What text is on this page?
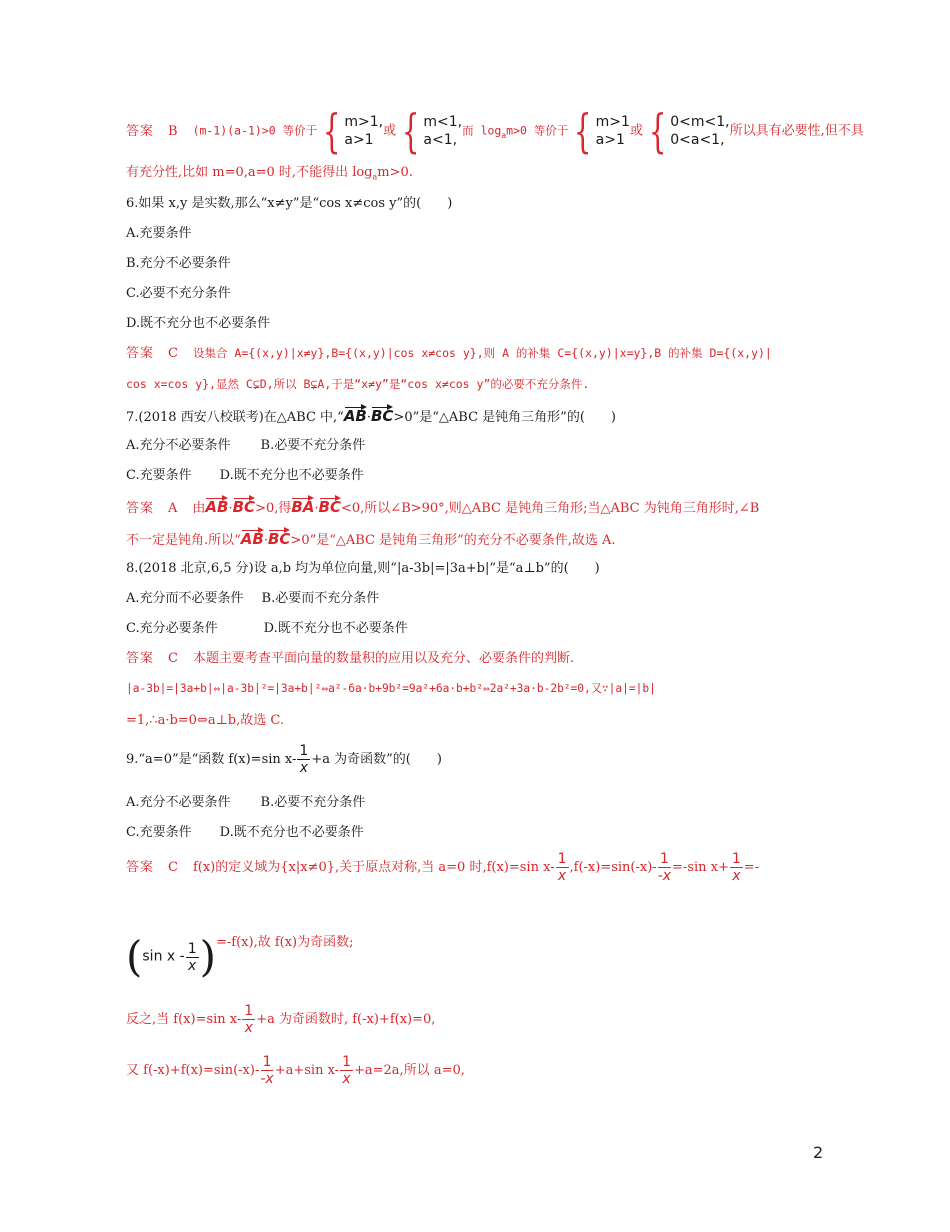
答案 B (m-1)(a-1)>0 等价于 { m>1,
a>1
或 { m<1,
a<1,
而 $\log_am>0$ 等价于 { m>1
a>1
或 { 0<m<1,
0<a<1,
所以具有必要性,但不具
有充分性,比如 m=0,a=0 时,不能得出 $\log_am>0$.
6.如果 x,y 是实数,那么“x≠y”是“cos x≠cos y”的(　　)
A.充要条件
B.充分不必要条件
C.必要不充分条件
D.既不充分也不必要条件
答案 C 设集合 A={(x,y)|x≠y},B={(x,y)|cos x≠cos y},则 A 的补集 C={(x,y)|x=y},B 的补集 D={(x,y)|
cos x=cos y},显然 C⊊D,所以 B⊊A,于是“x≠y”是“cos x≠cos y”的必要不充分条件.
7.(2018 西安八校联考)在△ABC 中,“AB·BC>0”是“△ABC 是钝角三角形”的(　　)
A.充分不必要条件 B.必要不充分条件
C.充要条件 D.既不充分也不必要条件
答案 A 由AB·BC>0,得BA·BC<0,所以∠B>90°,则△ABC 是钝角三角形;当△ABC 为钝角三角形时,∠B
不一定是钝角.所以“AB·BC>0”是“△ABC 是钝角三角形”的充分不必要条件,故选 A.
8.(2018 北京,6,5 分)设 a,b 均为单位向量,则“|a-3b|=|3a+b|”是“a⊥b”的(　　)
A.充分而不必要条件 B.必要而不充分条件
C.充分必要条件	D.既不充分也不必要条件
答案 C 本题主要考查平面向量的数量积的应用以及充分、必要条件的判断.
|a-3b|=|3a+b|⇔|a-3b|²=|3a+b|²⇔a²-6a·b+9b²=9a²+6a·b+b²⇔2a²+3a·b-2b²=0,又∵|a|=|b|
=1,∴a·b=0⇔a⊥b,故选 C.
9.“a=0”是“函数 f(x)=sin $x- \frac{1}{x} +a$ 为奇函数”的(　　)
A.充分不必要条件 B.必要不充分条件
C.充要条件 D.既不充分也不必要条件
答案 C f(x)的定义域为{x|x≠0},关于原点对称,当 a=0 时,f(x)=sin $x- \frac{1}{x} ,f(-x)=\sin(-x)- \frac{1}{-x} =-\sin$ $x+ \frac{1}{x}$ =-
(sin $x - \frac{1}{x} )=-f(x)$,故 f(x)为奇函数;
反之,当 f(x)=sin $x- \frac{1}{x} +a$ 为奇函数时, f(-x)+f(x)=0,
又 $f(-x)+f(x)=\sin(-x)- \frac{1}{-x} +a+\sin$ $x- \frac{1}{x} +a=2a$,所以 a=0,
2
